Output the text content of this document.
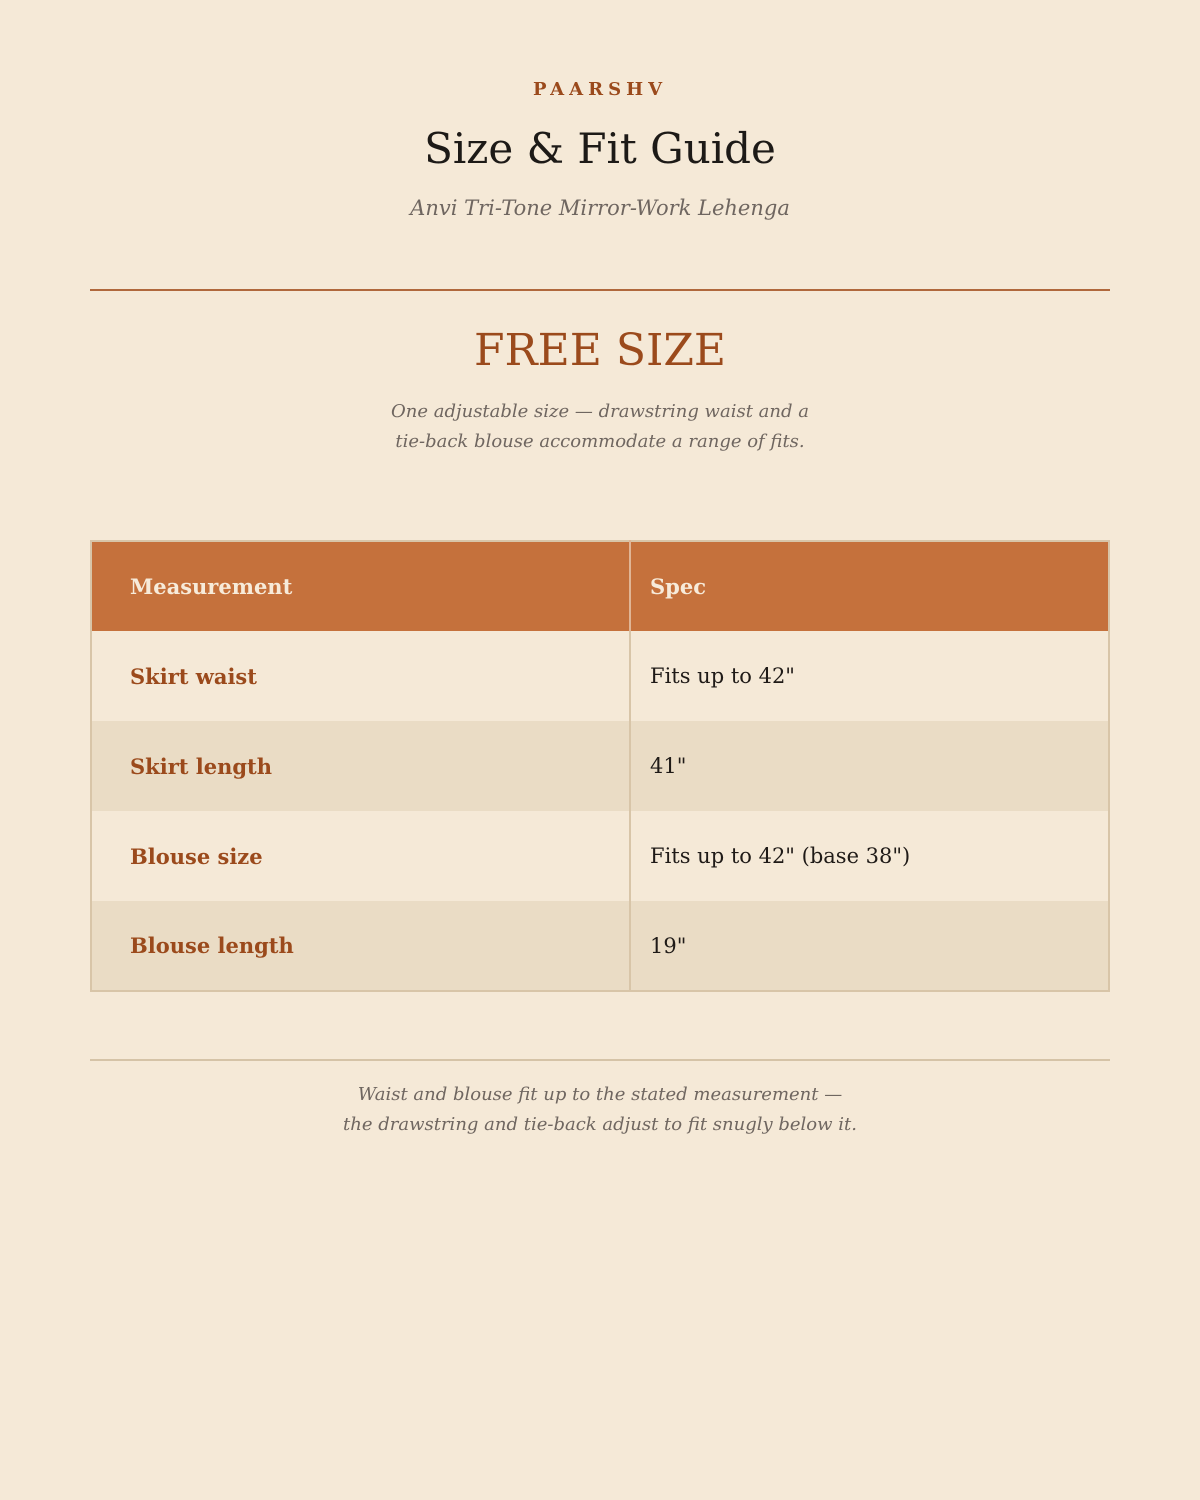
PAARSHV
Size & Fit Guide
Anvi Tri-Tone Mirror-Work Lehenga
FREE SIZE
One adjustable size — drawstring waist and a
tie-back blouse accommodate a range of fits.
Measurement	Spec
Skirt waist	Fits up to 42"
Skirt length	41"
Blouse size	Fits up to 42" (base 38")
Blouse length	19"
Waist and blouse fit up to the stated measurement —
the drawstring and tie-back adjust to fit snugly below it.
